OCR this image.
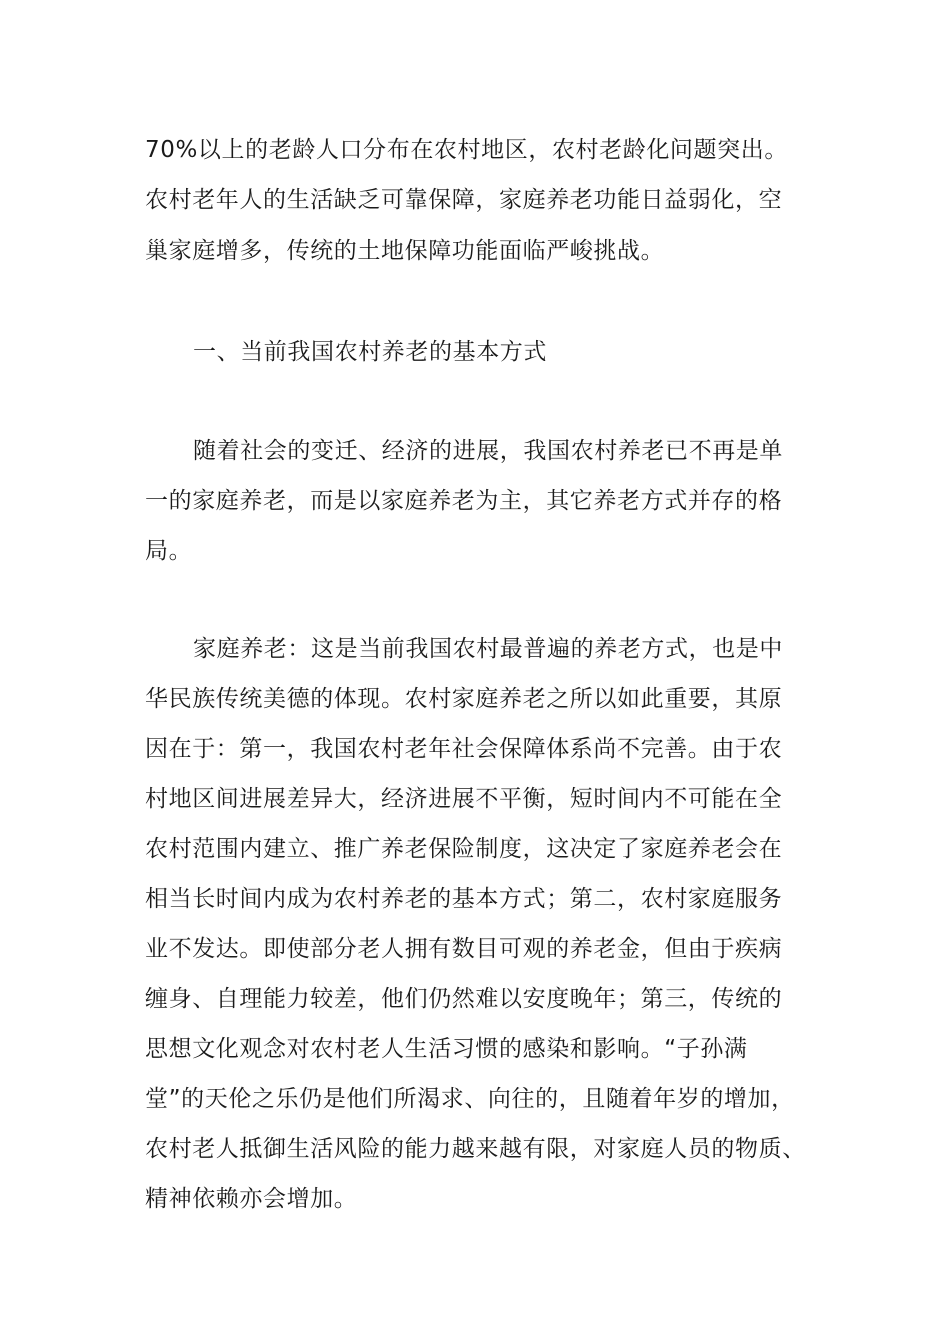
70%以上的老龄人口分布在农村地区，农村老龄化问题突出。
农村老年人的生活缺乏可靠保障，家庭养老功能日益弱化，空
巢家庭增多，传统的土地保障功能面临严峻挑战。
一、当前我国农村养老的基本方式
随着社会的变迁、经济的进展，我国农村养老已不再是单
一的家庭养老，而是以家庭养老为主，其它养老方式并存的格
局。
家庭养老：这是当前我国农村最普遍的养老方式，也是中
华民族传统美德的体现。农村家庭养老之所以如此重要，其原
因在于：第一，我国农村老年社会保障体系尚不完善。由于农
村地区间进展差异大，经济进展不平衡，短时间内不可能在全
农村范围内建立、推广养老保险制度，这决定了家庭养老会在
相当长时间内成为农村养老的基本方式；第二，农村家庭服务
业不发达。即使部分老人拥有数目可观的养老金，但由于疾病
缠身、自理能力较差，他们仍然难以安度晚年；第三，传统的
思想文化观念对农村老人生活习惯的感染和影响。“子孙满
堂”的天伦之乐仍是他们所渴求、向往的，且随着年岁的增加，
农村老人抵御生活风险的能力越来越有限，对家庭人员的物质、
精神依赖亦会增加。
